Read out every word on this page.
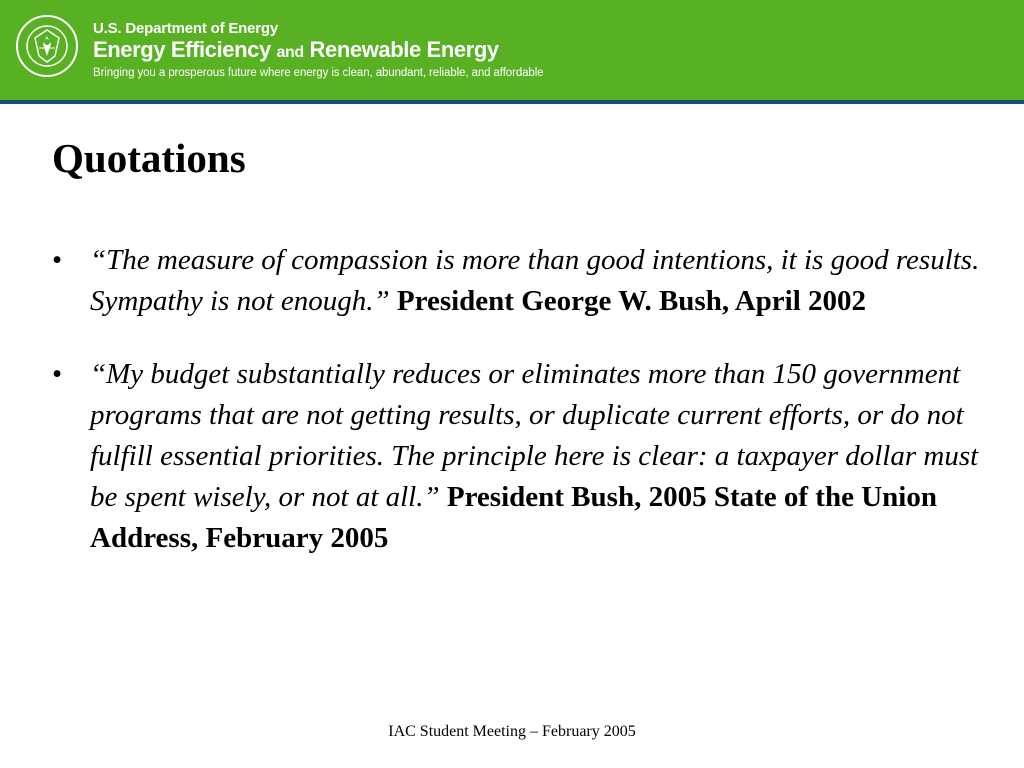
U.S. Department of Energy
Energy Efficiency and Renewable Energy
Bringing you a prosperous future where energy is clean, abundant, reliable, and affordable
Quotations
• “The measure of compassion is more than good intentions, it is good results. Sympathy is not enough.” President George W. Bush, April 2002
• “My budget substantially reduces or eliminates more than 150 government programs that are not getting results, or duplicate current efforts, or do not fulfill essential priorities. The principle here is clear: a taxpayer dollar must be spent wisely, or not at all.” President Bush, 2005 State of the Union Address, February 2005
IAC Student Meeting – February 2005
